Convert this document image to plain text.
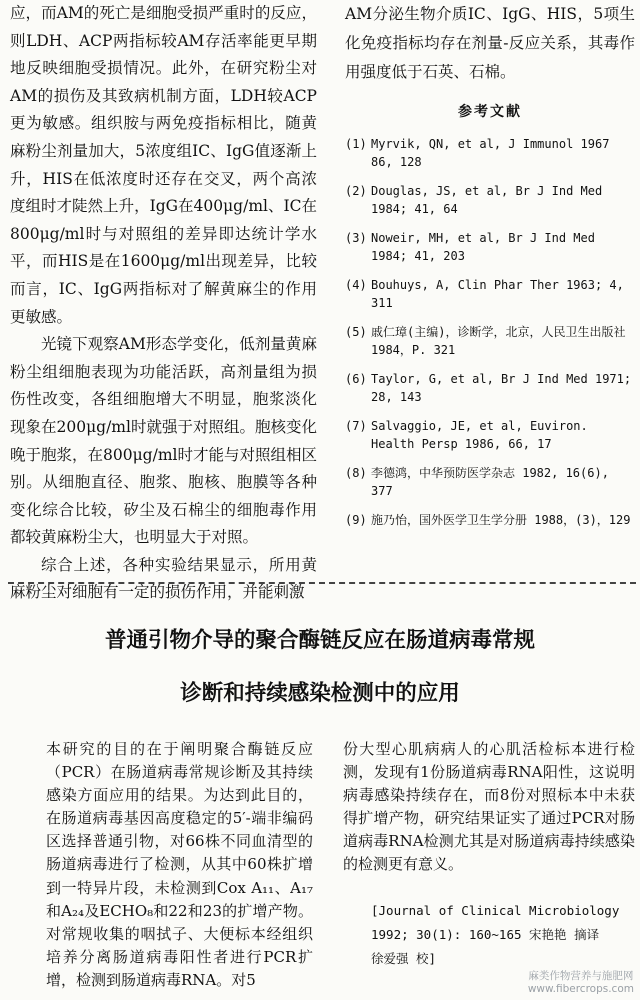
应，而AM的死亡是细胞受损严重时的反应，则LDH、ACP两指标较AM存活率能更早期地反映细胞受损情况。此外，在研究粉尘对AM的损伤及其致病机制方面，LDH较ACP更为敏感。组织胺与两免疫指标相比，随黄麻粉尘剂量加大，5浓度组IC、IgG值逐渐上升，HIS在低浓度时还存在交叉，两个高浓度组时才陡然上升，IgG在400μg/ml、IC在800μg/ml时与对照组的差异即达统计学水平，而HIS是在1600μg/ml出现差异，比较而言，IC、IgG两指标对了解黄麻尘的作用更敏感。

光镜下观察AM形态学变化，低剂量黄麻粉尘组细胞表现为功能活跃，高剂量组为损伤性改变，各组细胞增大不明显，胞浆淡化现象在200μg/ml时就强于对照组。胞核变化晚于胞浆，在800μg/ml时才能与对照组相区别。从细胞直径、胞浆、胞核、胞膜等各种变化综合比较，矽尘及石棉尘的细胞毒作用都较黄麻粉尘大，也明显大于对照。

综合上述，各种实验结果显示，所用黄麻粉尘对细胞有一定的损伤作用，并能刺激

AM分泌生物介质IC、IgG、HIS，5项生化免疫指标均存在剂量-反应关系，其毒作用强度低于石英、石棉。

参考文献
(1) Myrvik, QN, et al, J Immunol 1967 86, 128
(2) Douglas, JS, et al, Br J Ind Med 1984; 41, 64
(3) Noweir, MH, et al, Br J Ind Med 1984; 41, 203
(4) Bouhuys, A, Clin Phar Ther 1963; 4, 311
(5) 戚仁璋(主编)，诊断学，北京，人民卫生出版社 1984，P. 321
(6) Taylor, G, et al, Br J Ind Med 1971; 28, 143
(7) Salvaggio, JE, et al, Euviron. Health Persp 1986, 66, 17
(8) 李德鸿，中华预防医学杂志 1982, 16(6), 377
(9) 施乃怡，国外医学卫生学分册 1988，(3)，129
普通引物介导的聚合酶链反应在肠道病毒常规
诊断和持续感染检测中的应用

本研究的目的在于阐明聚合酶链反应（PCR）在肠道病毒常规诊断及其持续感染方面应用的结果。为达到此目的，在肠道病毒基因高度稳定的5′-端非编码区选择普通引物，对66株不同血清型的肠道病毒进行了检测，从其中60株扩增到一特异片段，未检测到Cox A₁₁、A₁₇和A₂₄及ECHO₈和22和23的扩增产物。对常规收集的咽拭子、大便标本经组织培养分离肠道病毒阳性者进行PCR扩增，检测到肠道病毒RNA。对5

份大型心肌病病人的心肌活检标本进行检测，发现有1份肠道病毒RNA阳性，这说明病毒感染持续存在，而8份对照标本中未获得扩增产物，研究结果证实了通过PCR对肠道病毒RNA检测尤其是对肠道病毒持续感染的检测更有意义。

[Journal of Clinical Microbiology
1992; 30(1): 160~165 宋艳艳 摘译
徐爱强 校]
麻类作物营养与施肥网
www.fibercrops.com
